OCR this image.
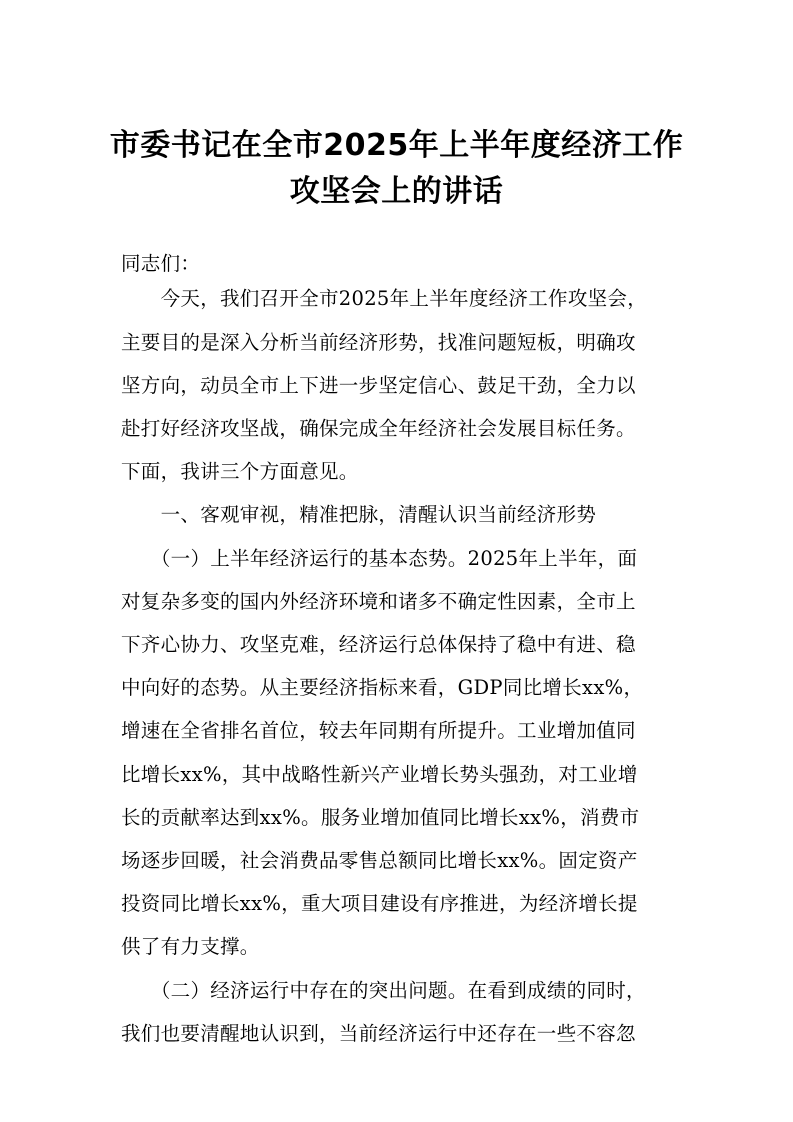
市委书记在全市2025年上半年度经济工作
攻坚会上的讲话
同志们：
　　今天，我们召开全市2025年上半年度经济工作攻坚会，
主要目的是深入分析当前经济形势，找准问题短板，明确攻
坚方向，动员全市上下进一步坚定信心、鼓足干劲，全力以
赴打好经济攻坚战，确保完成全年经济社会发展目标任务。
下面，我讲三个方面意见。
　　一、客观审视，精准把脉，清醒认识当前经济形势
　　（一）上半年经济运行的基本态势。2025年上半年，面
对复杂多变的国内外经济环境和诸多不确定性因素，全市上
下齐心协力、攻坚克难，经济运行总体保持了稳中有进、稳
中向好的态势。从主要经济指标来看，GDP同比增长xx%，
增速在全省排名首位，较去年同期有所提升。工业增加值同
比增长xx%，其中战略性新兴产业增长势头强劲，对工业增
长的贡献率达到xx%。服务业增加值同比增长xx%，消费市
场逐步回暖，社会消费品零售总额同比增长xx%。固定资产
投资同比增长xx%，重大项目建设有序推进，为经济增长提
供了有力支撑。
　　（二）经济运行中存在的突出问题。在看到成绩的同时，
我们也要清醒地认识到，当前经济运行中还存在一些不容忽
